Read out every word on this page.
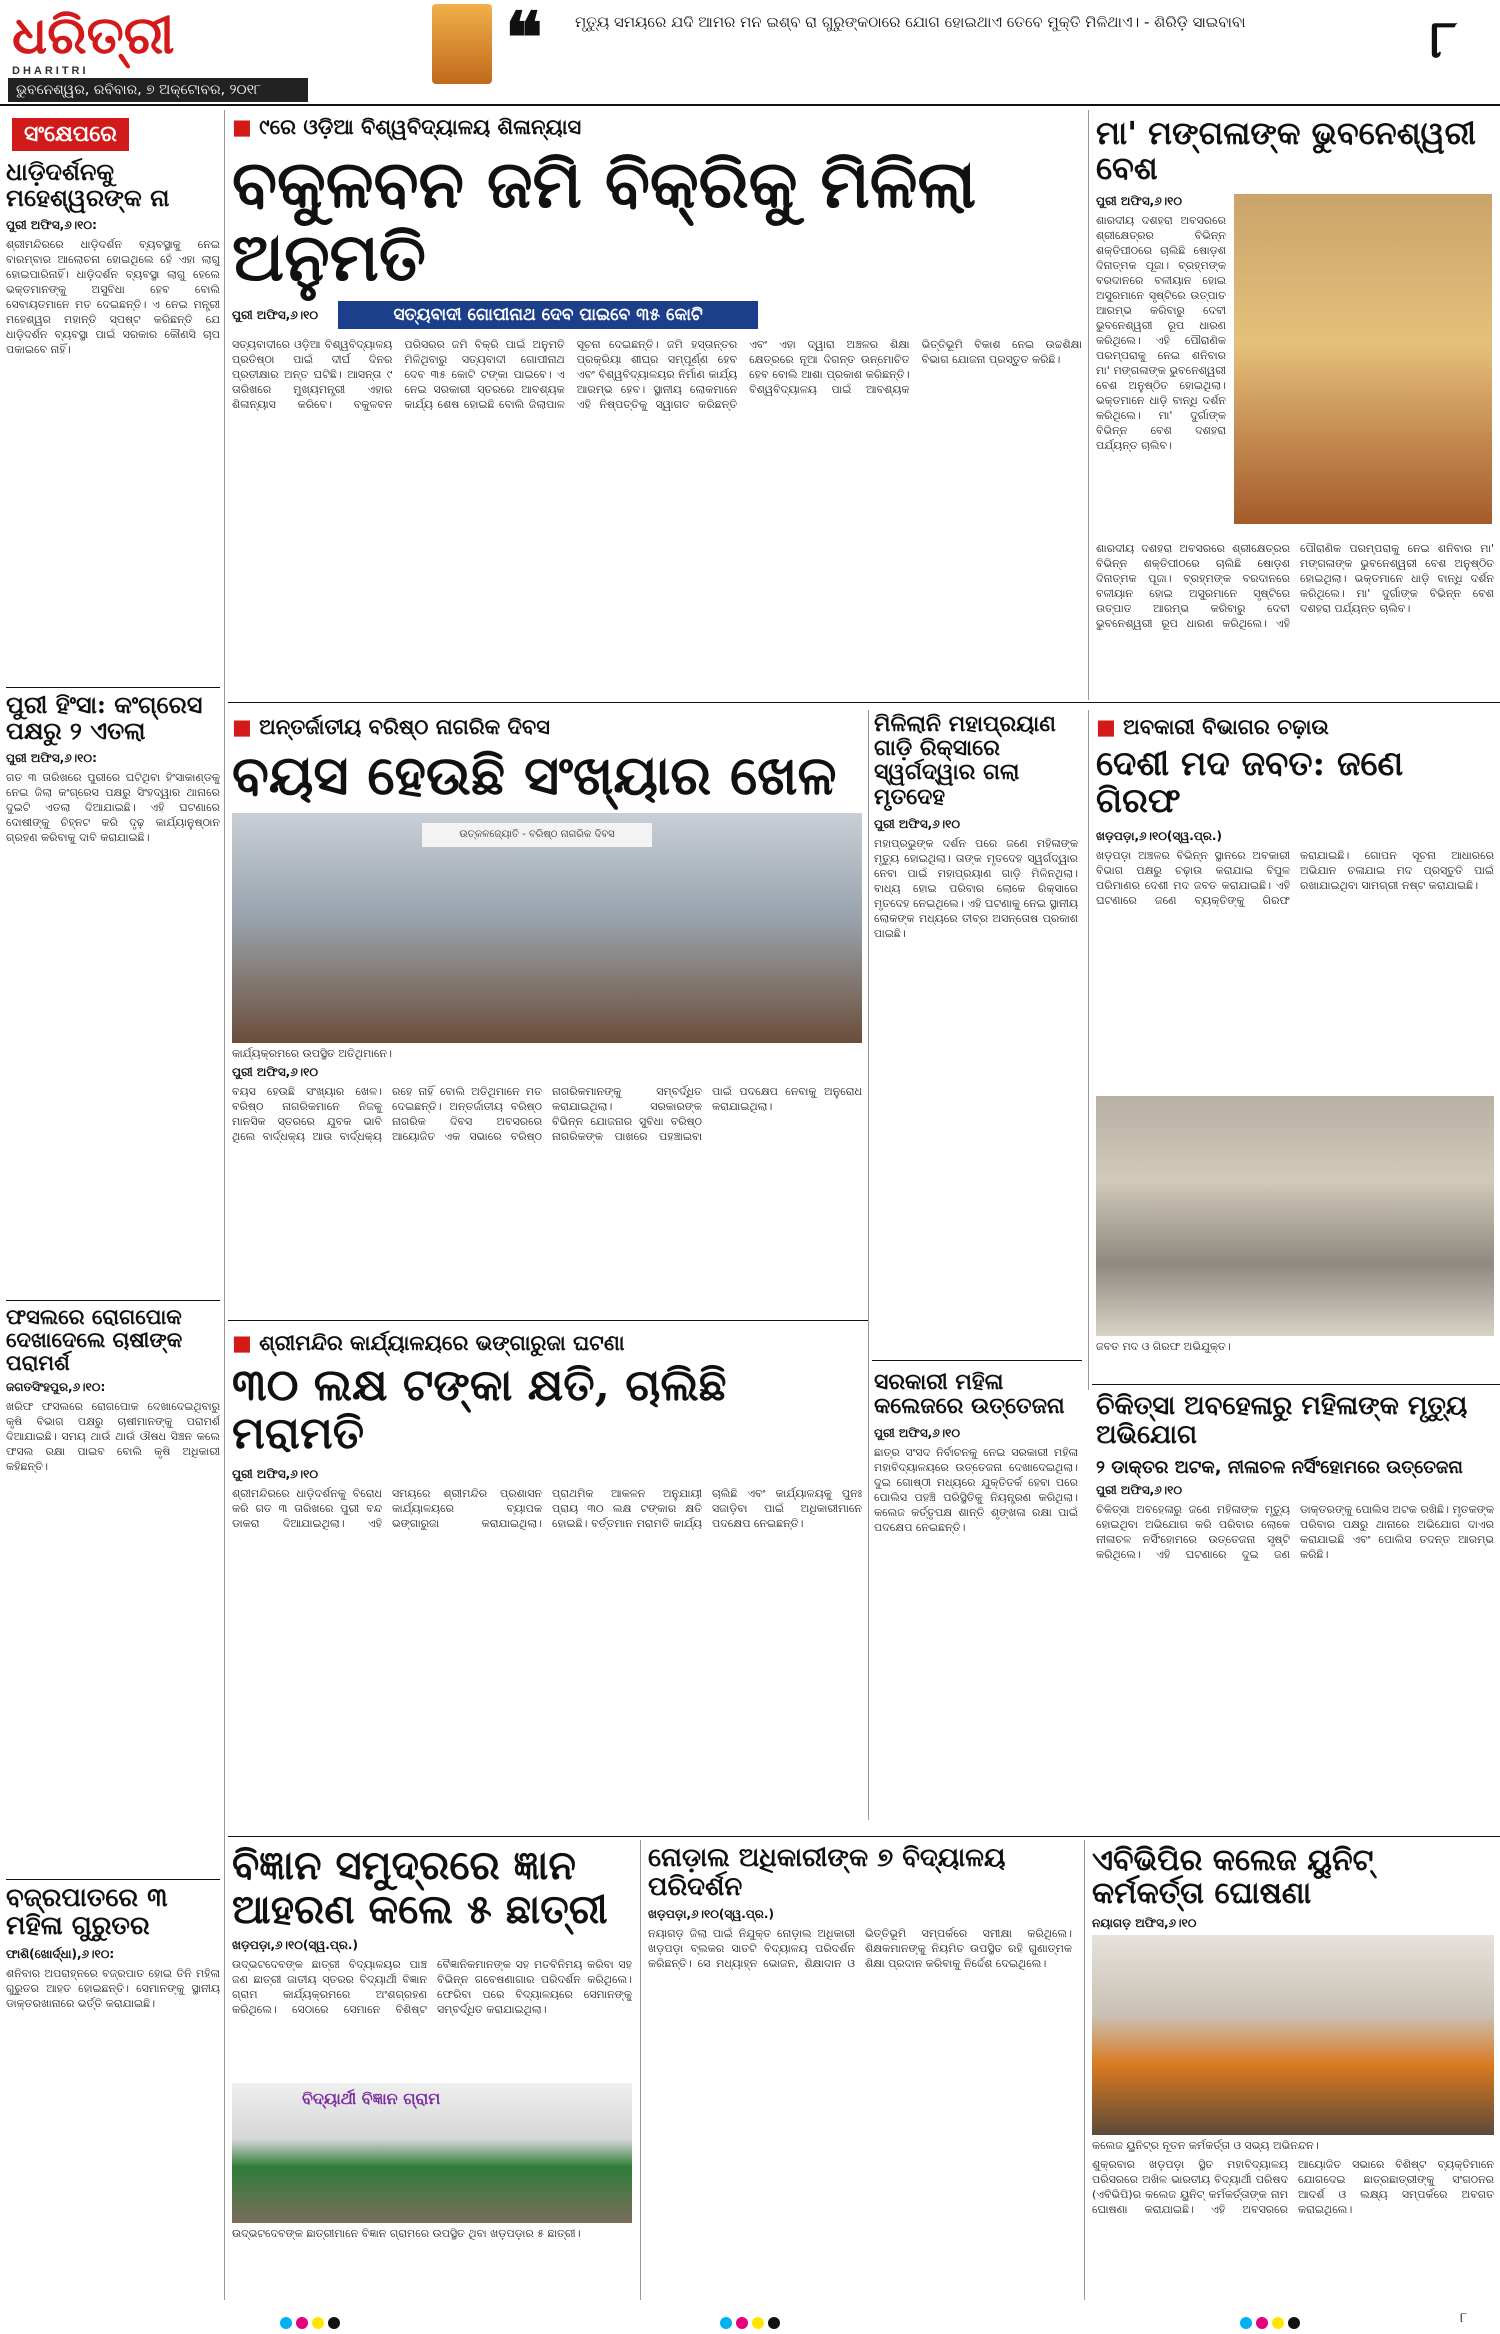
ଧରିତ୍ରୀ
DHARITRI
ଭୁବନେଶ୍ୱର, ରବିବାର, ୭ ଅକ୍ଟୋବର, ୨୦୧୮
❝ ମୃତ୍ୟୁ ସମୟରେ ଯଦି ଆମର ମନ ଇଶ୍ବ ରା ଗୁରୁଙ୍କଠାରେ ଯୋଗ ହୋଇଥାଏ ତେବେ ମୁକ୍ତି ମିଳିଥାଏ। - ଶିରିଡ଼ି ସାଇବାବା	୮
ସଂକ୍ଷେପରେ
ଧାଡ଼ିଦର୍ଶନକୁ ମହେଶ୍ୱରଙ୍କ ନା
ପୁରୀ ଅଫିସ,୬।୧୦:
ଶ୍ରୀମନ୍ଦିରରେ ଧାଡ଼ିଦର୍ଶନ ବ୍ୟବସ୍ଥାକୁ ନେଇ ବାରମ୍ବାର ଆଲୋଚନା ହୋଇଥିଲେ ହେଁ ଏହା ଲାଗୁ ହୋଇପାରିନାହିଁ। ଧାଡ଼ିଦର୍ଶନ ବ୍ୟବସ୍ଥା ଲାଗୁ ହେଲେ ଭକ୍ତମାନଙ୍କୁ ଅସୁବିଧା ହେବ ବୋଲି ସେବାୟତମାନେ ମତ ଦେଇଛନ୍ତି। ଏ ନେଇ ମନ୍ତ୍ରୀ ମହେଶ୍ୱର ମହାନ୍ତି ସ୍ପଷ୍ଟ କରିଛନ୍ତି ଯେ ଧାଡ଼ିଦର୍ଶନ ବ୍ୟବସ୍ଥା ପାଇଁ ସରକାର କୌଣସି ଚାପ ପକାଇବେ ନାହିଁ।
ପୁରୀ ହିଂସା: କଂଗ୍ରେସ ପକ୍ଷରୁ ୨ ଏତଲା
ପୁରୀ ଅଫିସ,୬।୧୦:
ଗତ ୩ ତାରିଖରେ ପୁରୀରେ ଘଟିଥିବା ହିଂସାକାଣ୍ଡକୁ ନେଇ ଜିଲା କଂଗ୍ରେସ ପକ୍ଷରୁ ସିଂହଦ୍ୱାର ଥାନାରେ ଦୁଇଟି ଏତଲା ଦିଆଯାଇଛି। ଏହି ଘଟଣାରେ ଦୋଷୀଙ୍କୁ ଚିହ୍ନଟ କରି ଦୃଢ଼ କାର୍ଯ୍ୟାନୁଷ୍ଠାନ ଗ୍ରହଣ କରିବାକୁ ଦାବି କରାଯାଇଛି।
ଫସଲରେ ରୋଗପୋକ ଦେଖାଦେଲେ ଚାଷୀଙ୍କ ପରାମର୍ଶ
ଜଗତସିଂହପୁର,୬।୧୦:
ଖରିଫ ଫସଲରେ ରୋଗପୋକ ଦେଖାଦେଇଥିବାରୁ କୃଷି ବିଭାଗ ପକ୍ଷରୁ ଚାଷୀମାନଙ୍କୁ ପରାମର୍ଶ ଦିଆଯାଇଛି। ସମୟ ଥାଉଁ ଥାଉଁ ଔଷଧ ସିଞ୍ଚନ କଲେ ଫସଲ ରକ୍ଷା ପାଇବ ବୋଲି କୃଷି ଅଧିକାରୀ କହିଛନ୍ତି।
ବଜ୍ରପାତରେ ୩ ମହିଳା ଗୁରୁତର
ଫାଶି(ଖୋର୍ଦ୍ଧା),୬।୧୦:
ଶନିବାର ଅପରାହ୍ନରେ ବଜ୍ରପାତ ହୋଇ ତିନି ମହିଳା ଗୁରୁତର ଆହତ ହୋଇଛନ୍ତି। ସେମାନଙ୍କୁ ସ୍ଥାନୀୟ ଡାକ୍ତରଖାନାରେ ଭର୍ତ୍ତି କରାଯାଇଛି।
■ ୯ରେ ଓଡ଼ିଆ ବିଶ୍ୱବିଦ୍ୟାଳୟ ଶିଳାନ୍ୟାସ
ବକୁଳବନ ଜମି ବିକ୍ରିକୁ ମିଳିଲା ଅନୁମତି
ପୁରୀ ଅଫିସ,୬।୧୦	ସତ୍ୟବାଦୀ ଗୋପୀନାଥ ଦେବ ପାଇବେ ୩୫ କୋଟି
ସତ୍ୟବାଦୀରେ ଓଡ଼ିଆ ବିଶ୍ୱବିଦ୍ୟାଳୟ ପ୍ରତିଷ୍ଠା ପାଇଁ ଦୀର୍ଘ ଦିନର ପ୍ରତୀକ୍ଷାର ଅନ୍ତ ଘଟିଛି। ଆସନ୍ତା ୯ ତାରିଖରେ ମୁଖ୍ୟମନ୍ତ୍ରୀ ଏହାର ଶିଳାନ୍ୟାସ କରିବେ। ବକୁଳବନ ପରିସରର ଜମି ବିକ୍ରି ପାଇଁ ଅନୁମତି ମିଳିଥିବାରୁ ସତ୍ୟବାଦୀ ଗୋପୀନାଥ ଦେବ ୩୫ କୋଟି ଟଙ୍କା ପାଇବେ। ଏ ନେଇ ସରକାରୀ ସ୍ତରରେ ଆବଶ୍ୟକ କାର୍ଯ୍ୟ ଶେଷ ହୋଇଛି ବୋଲି ଜିଲାପାଳ ସୂଚନା ଦେଇଛନ୍ତି। ଜମି ହସ୍ତାନ୍ତର ପ୍ରକ୍ରିୟା ଶୀଘ୍ର ସମ୍ପୂର୍ଣ୍ଣ ହେବ ଏବଂ ବିଶ୍ୱବିଦ୍ୟାଳୟର ନିର୍ମାଣ କାର୍ଯ୍ୟ ଆରମ୍ଭ ହେବ। ସ୍ଥାନୀୟ ଲୋକମାନେ ଏହି ନିଷ୍ପତ୍ତିକୁ ସ୍ୱାଗତ କରିଛନ୍ତି ଏବଂ ଏହା ଦ୍ୱାରା ଅଞ୍ଚଳର ଶିକ୍ଷା କ୍ଷେତ୍ରରେ ନୂଆ ଦିଗନ୍ତ ଉନ୍ମୋଚିତ ହେବ ବୋଲି ଆଶା ପ୍ରକାଶ କରିଛନ୍ତି। ବିଶ୍ୱବିଦ୍ୟାଳୟ ପାଇଁ ଆବଶ୍ୟକ ଭିତ୍ତିଭୂମି ବିକାଶ ନେଇ ଉଚ୍ଚଶିକ୍ଷା ବିଭାଗ ଯୋଜନା ପ୍ରସ୍ତୁତ କରିଛି।
ମା' ମଙ୍ଗଳାଙ୍କ ଭୁବନେଶ୍ୱରୀ ବେଶ
ପୁରୀ ଅଫିସ,୬।୧୦
ଶାରଦୀୟ ଦଶହରା ଅବସରରେ ଶ୍ରୀକ୍ଷେତ୍ରର ବିଭିନ୍ନ ଶକ୍ତିପୀଠରେ ଚାଲିଛି ଷୋଡ଼ଶ ଦିନାତ୍ମକ ପୂଜା। ବ୍ରହ୍ମଙ୍କ ବରଦାନରେ ବଳୀୟାନ ହୋଇ ଅସୁରମାନେ ସୃଷ୍ଟିରେ ଉତ୍ପାତ ଆରମ୍ଭ କରିବାରୁ ଦେବୀ ଭୁବନେଶ୍ୱରୀ ରୂପ ଧାରଣ କରିଥିଲେ। ଏହି ପୌରାଣିକ ପରମ୍ପରାକୁ ନେଇ ଶନିବାର ମା' ମଙ୍ଗଳାଙ୍କ ଭୁବନେଶ୍ୱରୀ ବେଶ ଅନୁଷ୍ଠିତ ହୋଇଥିଲା। ଭକ୍ତମାନେ ଧାଡ଼ି ବାନ୍ଧି ଦର୍ଶନ କରିଥିଲେ। ମା' ଦୁର୍ଗାଙ୍କ ବିଭିନ୍ନ ବେଶ ଦଶହରା ପର୍ଯ୍ୟନ୍ତ ଚାଲିବ।
ଶାରଦୀୟ ଦଶହରା ଅବସରରେ ଶ୍ରୀକ୍ଷେତ୍ରର ବିଭିନ୍ନ ଶକ୍ତିପୀଠରେ ଚାଲିଛି ଷୋଡ଼ଶ ଦିନାତ୍ମକ ପୂଜା। ବ୍ରହ୍ମଙ୍କ ବରଦାନରେ ବଳୀୟାନ ହୋଇ ଅସୁରମାନେ ସୃଷ୍ଟିରେ ଉତ୍ପାତ ଆରମ୍ଭ କରିବାରୁ ଦେବୀ ଭୁବନେଶ୍ୱରୀ ରୂପ ଧାରଣ କରିଥିଲେ। ଏହି ପୌରାଣିକ ପରମ୍ପରାକୁ ନେଇ ଶନିବାର ମା' ମଙ୍ଗଳାଙ୍କ ଭୁବନେଶ୍ୱରୀ ବେଶ ଅନୁଷ୍ଠିତ ହୋଇଥିଲା। ଭକ୍ତମାନେ ଧାଡ଼ି ବାନ୍ଧି ଦର୍ଶନ କରିଥିଲେ। ମା' ଦୁର୍ଗାଙ୍କ ବିଭିନ୍ନ ବେଶ ଦଶହରା ପର୍ଯ୍ୟନ୍ତ ଚାଲିବ।
■ ଅନ୍ତର୍ଜାତୀୟ ବରିଷ୍ଠ ନାଗରିକ ଦିବସ
ବୟସ ହେଉଛି ସଂଖ୍ୟାର ଖେଳ
ଉତ୍କଳଜ୍ୟୋତି - ବରିଷ୍ଠ ନାଗରିକ ଦିବସ
କାର୍ଯ୍ୟକ୍ରମରେ ଉପସ୍ଥିତ ଅତିଥିମାନେ।
ପୁରୀ ଅଫିସ,୬।୧୦
ବୟସ ହେଉଛି ସଂଖ୍ୟାର ଖେଳ। ବରିଷ୍ଠ ନାଗରିକମାନେ ନିଜକୁ ମାନସିକ ସ୍ତରରେ ଯୁବକ ଭାବି ଥିଲେ ବାର୍ଦ୍ଧକ୍ୟ ଆଉ ବାର୍ଦ୍ଧକ୍ୟ ରହେ ନାହିଁ ବୋଲି ଅତିଥିମାନେ ମତ ଦେଇଛନ୍ତି। ଅନ୍ତର୍ଜାତୀୟ ବରିଷ୍ଠ ନାଗରିକ ଦିବସ ଅବସରରେ ଆୟୋଜିତ ଏକ ସଭାରେ ବରିଷ୍ଠ ନାଗରିକମାନଙ୍କୁ ସମ୍ବର୍ଦ୍ଧିତ କରାଯାଇଥିଲା। ସରକାରଙ୍କ ବିଭିନ୍ନ ଯୋଜନାର ସୁବିଧା ବରିଷ୍ଠ ନାଗରିକଙ୍କ ପାଖରେ ପହଞ୍ଚାଇବା ପାଇଁ ପଦକ୍ଷେପ ନେବାକୁ ଅନୁରୋଧ କରାଯାଇଥିଲା।
ମିଳିଲାନି ମହାପ୍ରୟାଣ ଗାଡ଼ି ରିକ୍ସାରେ ସ୍ୱର୍ଗଦ୍ୱାର ଗଲା ମୃତଦେହ
ପୁରୀ ଅଫିସ,୬।୧୦
ମହାପ୍ରଭୁଙ୍କ ଦର୍ଶନ ପରେ ଜଣେ ମହିଳାଙ୍କ ମୃତ୍ୟୁ ହୋଇଥିଲା। ତାଙ୍କ ମୃତଦେହ ସ୍ୱର୍ଗଦ୍ୱାର ନେବା ପାଇଁ ମହାପ୍ରୟାଣ ଗାଡ଼ି ମିଳିନଥିଲା। ବାଧ୍ୟ ହୋଇ ପରିବାର ଲୋକେ ରିକ୍ସାରେ ମୃତଦେହ ନେଇଥିଲେ। ଏହି ଘଟଣାକୁ ନେଇ ସ୍ଥାନୀୟ ଲୋକଙ୍କ ମଧ୍ୟରେ ତୀବ୍ର ଅସନ୍ତୋଷ ପ୍ରକାଶ ପାଇଛି।
■ ଅବକାରୀ ବିଭାଗର ଚଢ଼ାଉ
ଦେଶୀ ମଦ ଜବତ: ଜଣେ ଗିରଫ
ଖଡ଼ପଡ଼ା,୬।୧୦(ସ୍ୱ.ପ୍ର.)
ଖଡ଼ପଡ଼ା ଅଞ୍ଚଳର ବିଭିନ୍ନ ସ୍ଥାନରେ ଅବକାରୀ ବିଭାଗ ପକ୍ଷରୁ ଚଢ଼ାଉ କରାଯାଇ ବିପୁଳ ପରିମାଣର ଦେଶୀ ମଦ ଜବତ କରାଯାଇଛି। ଏହି ଘଟଣାରେ ଜଣେ ବ୍ୟକ୍ତିଙ୍କୁ ଗିରଫ କରାଯାଇଛି। ଗୋପନ ସୂଚନା ଆଧାରରେ ଅଭିଯାନ ଚଳାଯାଇ ମଦ ପ୍ରସ୍ତୁତି ପାଇଁ ରଖାଯାଇଥିବା ସାମଗ୍ରୀ ନଷ୍ଟ କରାଯାଇଛି।
ଜବତ ମଦ ଓ ଗିରଫ ଅଭିଯୁକ୍ତ।
■ ଶ୍ରୀମନ୍ଦିର କାର୍ଯ୍ୟାଳୟରେ ଭଙ୍ଗାରୁଜା ଘଟଣା
୩୦ ଲକ୍ଷ ଟଙ୍କା କ୍ଷତି, ଚାଲିଛି ମରାମତି
ପୁରୀ ଅଫିସ,୬।୧୦
ଶ୍ରୀମନ୍ଦିରରେ ଧାଡ଼ିଦର୍ଶନକୁ ବିରୋଧ କରି ଗତ ୩ ତାରିଖରେ ପୁରୀ ବନ୍ଦ ଡାକରା ଦିଆଯାଇଥିଲା। ଏହି ସମୟରେ ଶ୍ରୀମନ୍ଦିର ପ୍ରଶାସନ କାର୍ଯ୍ୟାଳୟରେ ବ୍ୟାପକ ଭଙ୍ଗାରୁଜା କରାଯାଇଥିଲା। ପ୍ରାଥମିକ ଆକଳନ ଅନୁଯାୟୀ ପ୍ରାୟ ୩୦ ଲକ୍ଷ ଟଙ୍କାର କ୍ଷତି ହୋଇଛି। ବର୍ତ୍ତମାନ ମରାମତି କାର୍ଯ୍ୟ ଚାଲିଛି ଏବଂ କାର୍ଯ୍ୟାଳୟକୁ ପୁନଃ ସଜାଡ଼ିବା ପାଇଁ ଅଧିକାରୀମାନେ ପଦକ୍ଷେପ ନେଇଛନ୍ତି।
ସରକାରୀ ମହିଳା କଲେଜରେ ଉତ୍ତେଜନା
ପୁରୀ ଅଫିସ,୬।୧୦
ଛାତ୍ର ସଂସଦ ନିର୍ବାଚନକୁ ନେଇ ସରକାରୀ ମହିଳା ମହାବିଦ୍ୟାଳୟରେ ଉତ୍ତେଜନା ଦେଖାଦେଇଥିଲା। ଦୁଇ ଗୋଷ୍ଠୀ ମଧ୍ୟରେ ଯୁକ୍ତିତର୍କ ହେବା ପରେ ପୋଲିସ ପହଞ୍ଚି ପରିସ୍ଥିତିକୁ ନିୟନ୍ତ୍ରଣ କରିଥିଲା। କଲେଜ କର୍ତ୍ତୃପକ୍ଷ ଶାନ୍ତି ଶୃଙ୍ଖଳା ରକ୍ଷା ପାଇଁ ପଦକ୍ଷେପ ନେଇଛନ୍ତି।
ଚିକିତ୍ସା ଅବହେଳାରୁ ମହିଳାଙ୍କ ମୃତ୍ୟୁ ଅଭିଯୋଗ
୨ ଡାକ୍ତର ଅଟକ, ନୀଳାଚଳ ନର୍ସିଂହୋମରେ ଉତ୍ତେଜନା
ପୁରୀ ଅଫିସ,୬।୧୦
ଚିକିତ୍ସା ଅବହେଳାରୁ ଜଣେ ମହିଳାଙ୍କ ମୃତ୍ୟୁ ହୋଇଥିବା ଅଭିଯୋଗ କରି ପରିବାର ଲୋକେ ନୀଳାଚଳ ନର୍ସିଂହୋମରେ ଉତ୍ତେଜନା ସୃଷ୍ଟି କରିଥିଲେ। ଏହି ଘଟଣାରେ ଦୁଇ ଜଣ ଡାକ୍ତରଙ୍କୁ ପୋଲିସ ଅଟକ ରଖିଛି। ମୃତକଙ୍କ ପରିବାର ପକ୍ଷରୁ ଥାନାରେ ଅଭିଯୋଗ ଦାଏର କରାଯାଇଛି ଏବଂ ପୋଲିସ ତଦନ୍ତ ଆରମ୍ଭ କରିଛି।
ବିଜ୍ଞାନ ସମୁଦ୍ରରେ ଜ୍ଞାନ ଆହରଣ କଲେ ୫ ଛାତ୍ରୀ
ଖଡ଼ପଡ଼ା,୬।୧୦(ସ୍ୱ.ପ୍ର.)
ଉଦ୍ଭଟଦେବଙ୍କ ଛାତ୍ରୀ ବିଦ୍ୟାଳୟର ପାଞ୍ଚ ଜଣ ଛାତ୍ରୀ ଜାତୀୟ ସ୍ତରର ବିଦ୍ୟାର୍ଥୀ ବିଜ୍ଞାନ ଗ୍ରାମ କାର୍ଯ୍ୟକ୍ରମରେ ଅଂଶଗ୍ରହଣ କରିଥିଲେ। ସେଠାରେ ସେମାନେ ବିଶିଷ୍ଟ ବୈଜ୍ଞାନିକମାନଙ୍କ ସହ ମତବିନିମୟ କରିବା ସହ ବିଭିନ୍ନ ଗବେଷଣାଗାର ପରିଦର୍ଶନ କରିଥିଲେ। ଫେରିବା ପରେ ବିଦ୍ୟାଳୟରେ ସେମାନଙ୍କୁ ସମ୍ବର୍ଦ୍ଧିତ କରାଯାଇଥିଲା।
ବିଦ୍ୟାର୍ଥୀ ବିଜ୍ଞାନ ଗ୍ରାମ
ଉଦ୍ଭଟଦେବଙ୍କ ଛାତ୍ରୀମାନେ ବିଜ୍ଞାନ ଗ୍ରାମରେ ଉପସ୍ଥିତ ଥିବା ଖଡ଼ପଡ଼ାର ୫ ଛାତ୍ରୀ।
ନୋଡ଼ାଲ ଅଧିକାରୀଙ୍କ ୭ ବିଦ୍ୟାଳୟ ପରିଦର୍ଶନ
ଖଡ଼ପଡ଼ା,୬।୧୦(ସ୍ୱ.ପ୍ର.)
ନୟାଗଡ଼ ଜିଲା ପାଇଁ ନିଯୁକ୍ତ ନୋଡ଼ାଲ ଅଧିକାରୀ ଖଡ଼ପଡ଼ା ବ୍ଲକର ସାତଟି ବିଦ୍ୟାଳୟ ପରିଦର୍ଶନ କରିଛନ୍ତି। ସେ ମଧ୍ୟାହ୍ନ ଭୋଜନ, ଶିକ୍ଷାଦାନ ଓ ଭିତ୍ତିଭୂମି ସମ୍ପର୍କରେ ସମୀକ୍ଷା କରିଥିଲେ। ଶିକ୍ଷକମାନଙ୍କୁ ନିୟମିତ ଉପସ୍ଥିତ ରହି ଗୁଣାତ୍ମକ ଶିକ୍ଷା ପ୍ରଦାନ କରିବାକୁ ନିର୍ଦ୍ଦେଶ ଦେଇଥିଲେ।
ଏବିଭିପିର କଲେଜ ୟୁନିଟ୍ କର୍ମକର୍ତ୍ତା ଘୋଷଣା
ନୟାଗଡ଼ ଅଫିସ,୬।୧୦
କଲେଜ ୟୁନିଟ୍‌ର ନୂତନ କର୍ମକର୍ତ୍ତା ଓ ସଭ୍ୟ ଅଭିନନ୍ଦନ।
ଶୁକ୍ରବାର ଖଡ଼ପଡ଼ା ସ୍ଥିତ ମହାବିଦ୍ୟାଳୟ ପରିସରରେ ଅଖିଳ ଭାରତୀୟ ବିଦ୍ୟାର୍ଥୀ ପରିଷଦ (ଏବିଭିପି)ର କଲେଜ ୟୁନିଟ୍ କର୍ମକର୍ତ୍ତାଙ୍କ ନାମ ଘୋଷଣା କରାଯାଇଛି। ଏହି ଅବସରରେ ଆୟୋଜିତ ସଭାରେ ବିଶିଷ୍ଟ ବ୍ୟକ୍ତିମାନେ ଯୋଗଦେଇ ଛାତ୍ରଛାତ୍ରୀଙ୍କୁ ସଂଗଠନର ଆଦର୍ଶ ଓ ଲକ୍ଷ୍ୟ ସମ୍ପର୍କରେ ଅବଗତ କରାଇଥିଲେ।
୮
